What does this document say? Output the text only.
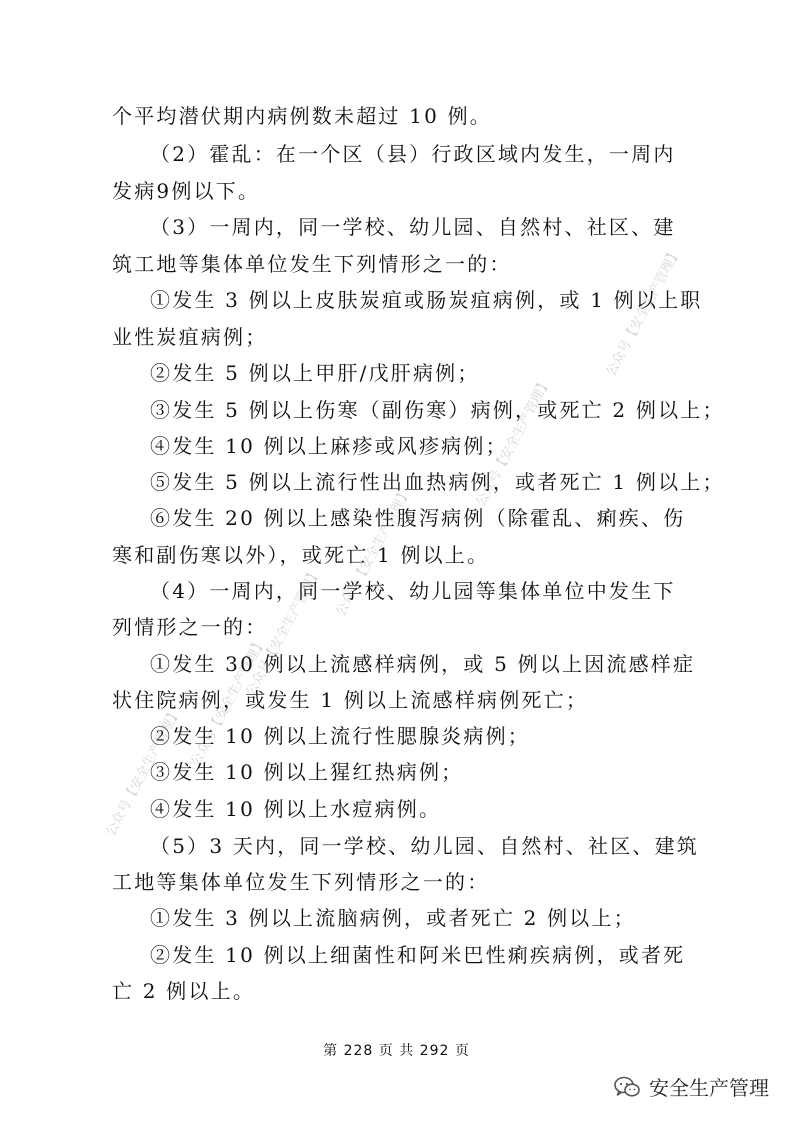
公众号【安全生产管理】
公众号【安全生产管理】
公众号【安全生产管理】
公众号【安全生产管理】
公众号【安全生产管理】
公众号【安全生产管理】
个平均潜伏期内病例数未超过 10 例。
（2）霍乱：在一个区（县）行政区域内发生，一周内
发病9例以下。
（3）一周内，同一学校、幼儿园、自然村、社区、建
筑工地等集体单位发生下列情形之一的：
①发生 3 例以上皮肤炭疽或肠炭疽病例，或 1 例以上职
业性炭疽病例；
②发生 5 例以上甲肝/戊肝病例；
③发生 5 例以上伤寒（副伤寒）病例，或死亡 2 例以上；
④发生 10 例以上麻疹或风疹病例；
⑤发生 5 例以上流行性出血热病例，或者死亡 1 例以上；
⑥发生 20 例以上感染性腹泻病例（除霍乱、痢疾、伤
寒和副伤寒以外），或死亡 1 例以上。
（4）一周内，同一学校、幼儿园等集体单位中发生下
列情形之一的：
①发生 30 例以上流感样病例，或 5 例以上因流感样症
状住院病例，或发生 1 例以上流感样病例死亡；
②发生 10 例以上流行性腮腺炎病例；
③发生 10 例以上猩红热病例；
④发生 10 例以上水痘病例。
（5）3 天内，同一学校、幼儿园、自然村、社区、建筑
工地等集体单位发生下列情形之一的：
①发生 3 例以上流脑病例，或者死亡 2 例以上；
②发生 10 例以上细菌性和阿米巴性痢疾病例，或者死
亡 2 例以上。
第 228 页 共 292 页
安全生产管理
